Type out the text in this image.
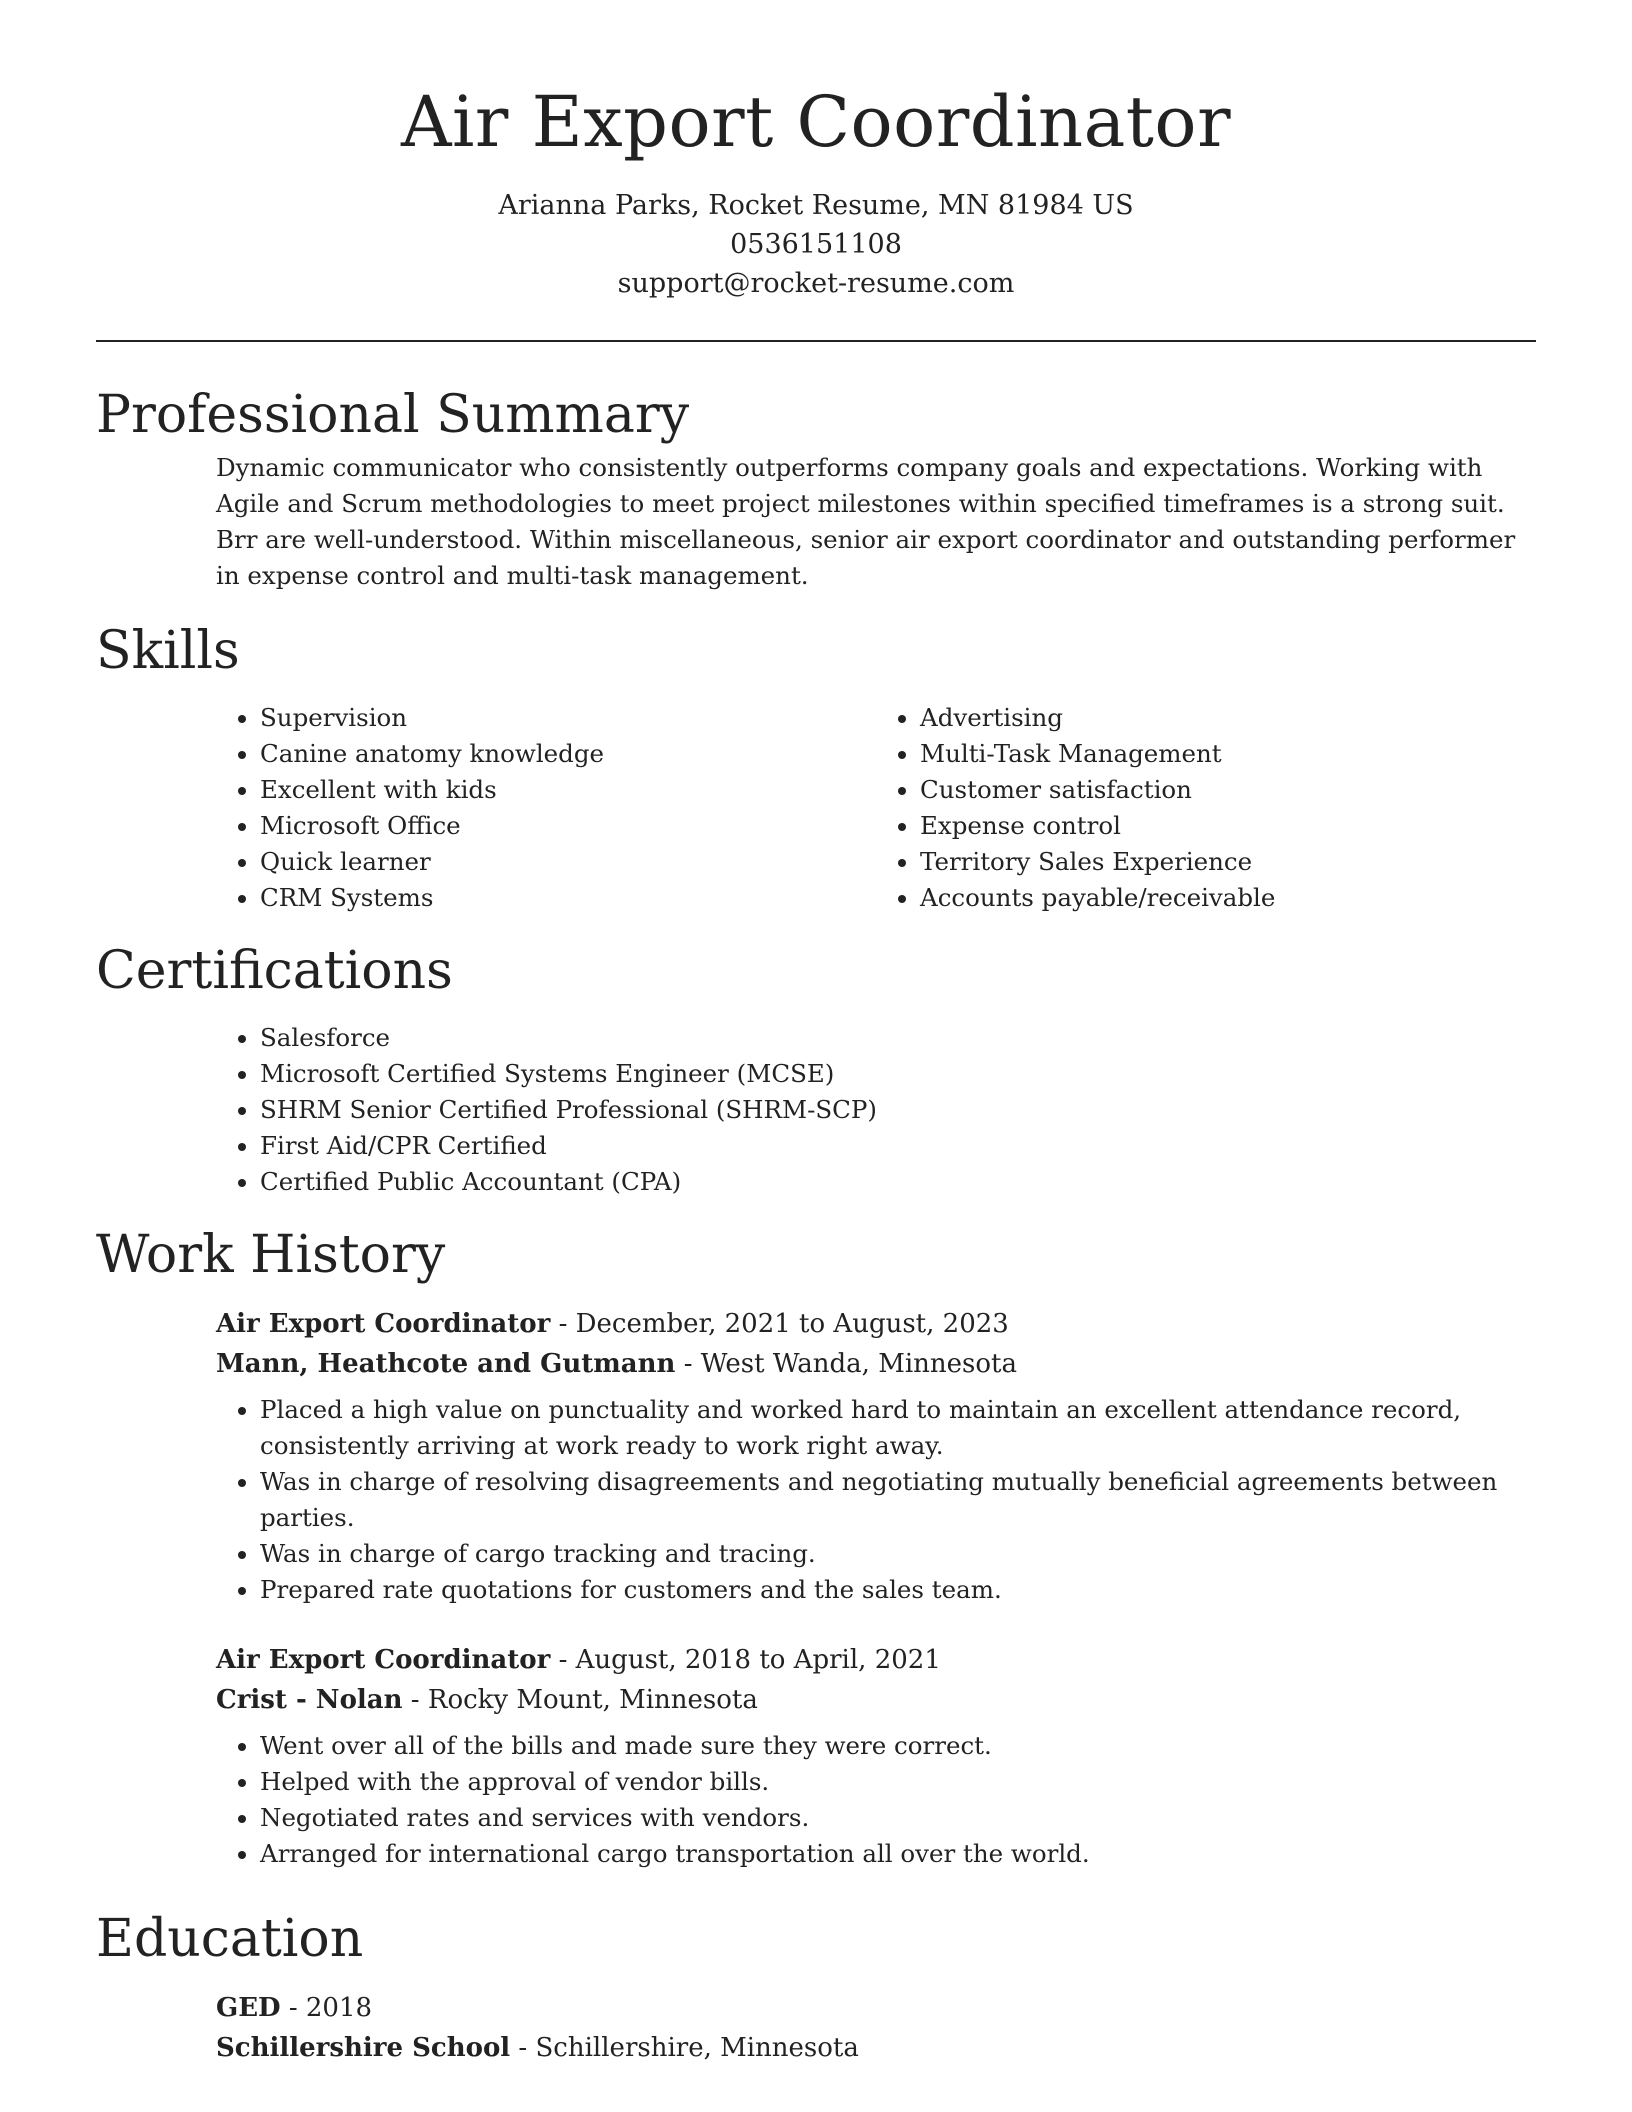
Air Export Coordinator
Arianna Parks, Rocket Resume, MN 81984 US
0536151108
support@rocket-resume.com
Professional Summary

Dynamic communicator who consistently outperforms company goals and expectations. Working with Agile and Scrum methodologies to meet project milestones within specified timeframes is a strong suit. Brr are well-understood. Within miscellaneous, senior air export coordinator and outstanding performer in expense control and multi-task management.

Skills
• Supervision
• Canine anatomy knowledge
• Excellent with kids
• Microsoft Office
• Quick learner
• CRM Systems
• Advertising
• Multi-Task Management
• Customer satisfaction
• Expense control
• Territory Sales Experience
• Accounts payable/receivable
Certifications
• Salesforce
• Microsoft Certified Systems Engineer (MCSE)
• SHRM Senior Certified Professional (SHRM-SCP)
• First Aid/CPR Certified
• Certified Public Accountant (CPA)
Work History
Air Export Coordinator - December, 2021 to August, 2023
Mann, Heathcote and Gutmann - West Wanda, Minnesota
• Placed a high value on punctuality and worked hard to maintain an excellent attendance record, consistently arriving at work ready to work right away.
• Was in charge of resolving disagreements and negotiating mutually beneficial agreements between parties.
• Was in charge of cargo tracking and tracing.
• Prepared rate quotations for customers and the sales team.
Air Export Coordinator - August, 2018 to April, 2021
Crist - Nolan - Rocky Mount, Minnesota
• Went over all of the bills and made sure they were correct.
• Helped with the approval of vendor bills.
• Negotiated rates and services with vendors.
• Arranged for international cargo transportation all over the world.
Education
GED - 2018
Schillershire School - Schillershire, Minnesota
